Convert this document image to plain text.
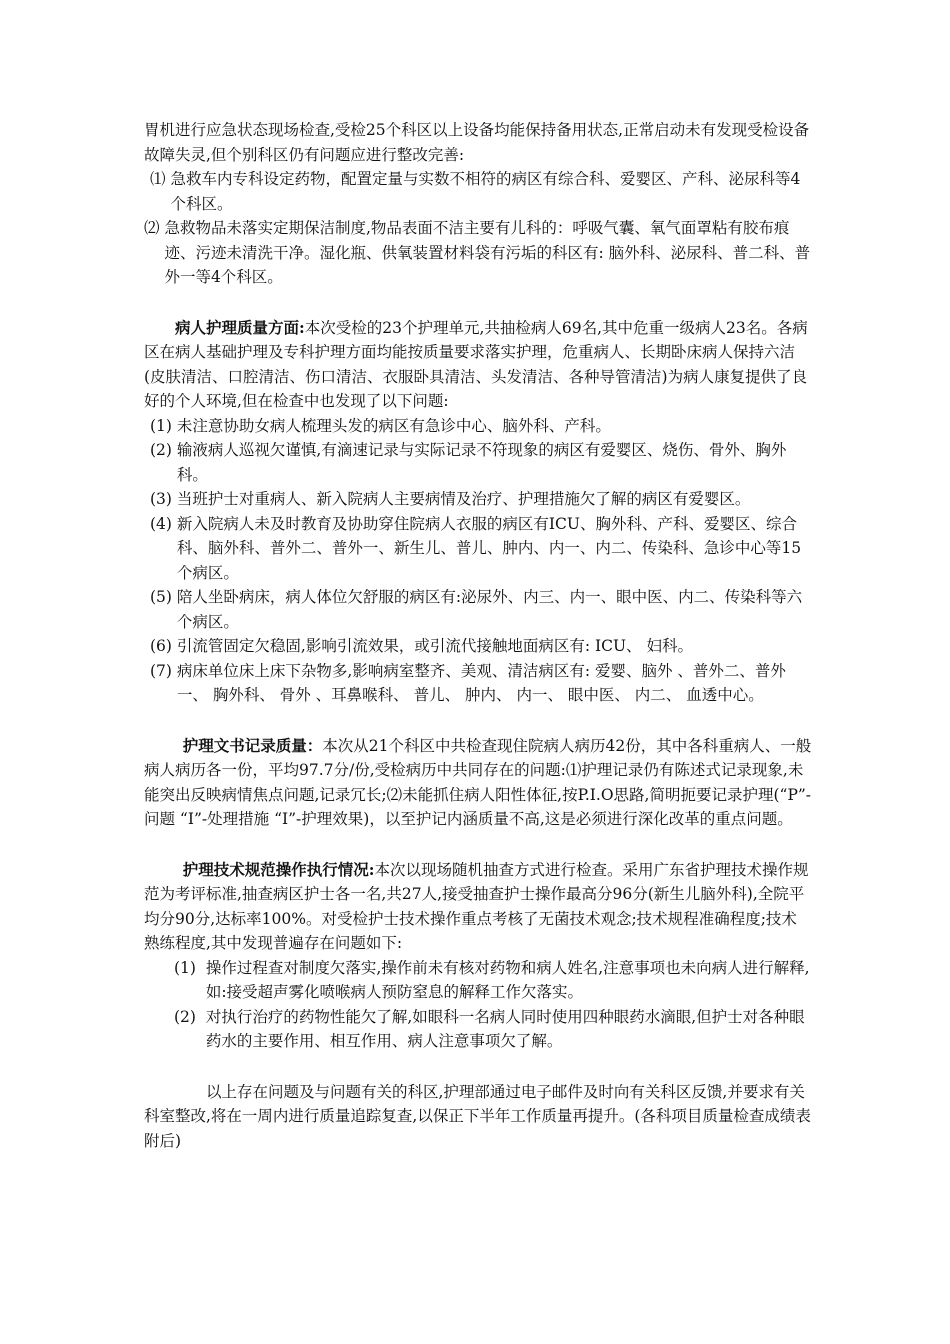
胃机进行应急状态现场检查,受检25个科区以上设备均能保持备用状态,正常启动未有发现受检设备故障失灵,但个别科区仍有问题应进行整改完善:

⑴ 急救车内专科设定药物，配置定量与实数不相符的病区有综合科、爱婴区、产科、泌尿科等4个科区。
⑵ 急救物品未落实定期保洁制度,物品表面不洁主要有儿科的：呼吸气囊、氧气面罩粘有胶布痕迹、污迹未清洗干净。湿化瓶、供氧装置材料袋有污垢的科区有: 脑外科、泌尿科、普二科、普外一等4个科区。

病人护理质量方面:本次受检的23个护理单元,共抽检病人69名,其中危重一级病人23名。各病区在病人基础护理及专科护理方面均能按质量要求落实护理，危重病人、长期卧床病人保持六洁(皮肤清洁、口腔清洁、伤口清洁、衣服卧具清洁、头发清洁、各种导管清洁)为病人康复提供了良好的个人环境,但在检查中也发现了以下问题:

(1) 未注意协助女病人梳理头发的病区有急诊中心、脑外科、产科。
(2) 输液病人巡视欠谨慎,有滴速记录与实际记录不符现象的病区有爱婴区、烧伤、骨外、胸外科。
(3) 当班护士对重病人、新入院病人主要病情及治疗、护理措施欠了解的病区有爱婴区。
(4) 新入院病人未及时教育及协助穿住院病人衣服的病区有ICU、胸外科、产科、爱婴区、综合科、脑外科、普外二、普外一、新生儿、普儿、肿内、内一、内二、传染科、急诊中心等15个病区。
(5) 陪人坐卧病床，病人体位欠舒服的病区有:泌尿外、内三、内一、眼中医、内二、传染科等六个病区。
(6) 引流管固定欠稳固,影响引流效果，或引流代接触地面病区有: ICU、 妇科。
(7) 病床单位床上床下杂物多,影响病室整齐、美观、清洁病区有: 爱婴、脑外 、普外二、普外一、 胸外科、 骨外 、耳鼻喉科、 普儿、 肿内、 内一、 眼中医、 内二、 血透中心。

护理文书记录质量：本次从21个科区中共检查现住院病人病历42份，其中各科重病人、一般病人病历各一份，平均97.7分/份,受检病历中共同存在的问题:⑴护理记录仍有陈述式记录现象,未能突出反映病情焦点问题,记录冗长;⑵未能抓住病人阳性体征,按P.I.O思路,简明扼要记录护理(“P”-问题 “I”-处理措施 “I”-护理效果)，以至护记内涵质量不高,这是必须进行深化改革的重点问题。

护理技术规范操作执行情况:本次以现场随机抽查方式进行检查。采用广东省护理技术操作规范为考评标准,抽查病区护士各一名,共27人,接受抽查护士操作最高分96分(新生儿脑外科),全院平均分90分,达标率100%。对受检护士技术操作重点考核了无菌技术观念;技术规程准确程度;技术熟练程度,其中发现普遍存在问题如下:

(1) 操作过程查对制度欠落实,操作前未有核对药物和病人姓名,注意事项也未向病人进行解释,如:接受超声雾化喷喉病人预防窒息的解释工作欠落实。
(2) 对执行治疗的药物性能欠了解,如眼科一名病人同时使用四种眼药水滴眼,但护士对各种眼药水的主要作用、相互作用、病人注意事项欠了解。

以上存在问题及与问题有关的科区,护理部通过电子邮件及时向有关科区反馈,并要求有关科室整改,将在一周内进行质量追踪复查,以保正下半年工作质量再提升。(各科项目质量检查成绩表附后)
